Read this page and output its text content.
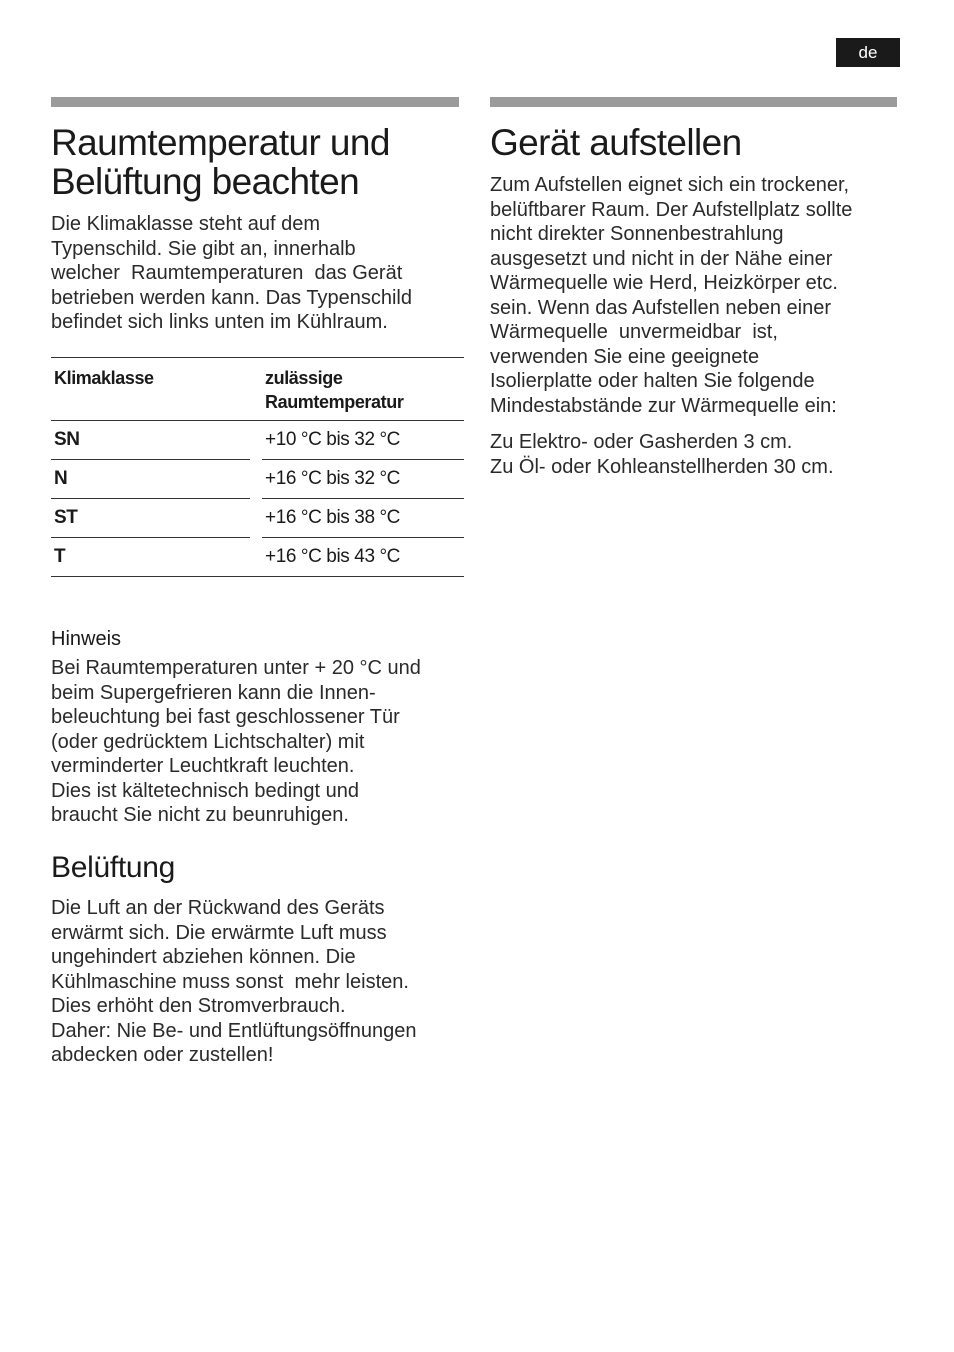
de
Raumtemperatur und
Belüftung beachten

Die Klimaklasse steht auf dem
Typenschild. Sie gibt an, innerhalb
welcher  Raumtemperaturen  das Gerät
betrieben werden kann. Das Typenschild
befindet sich links unten im Kühlraum.

Klimaklasse		zulässige
Raumtemperatur
SN		+10 °C bis 32 °C
N		+16 °C bis 32 °C
ST		+16 °C bis 38 °C
T		+16 °C bis 43 °C
Hinweis

Bei Raumtemperaturen unter + 20 °C und
beim Supergefrieren kann die Innen-
beleuchtung bei fast geschlossener Tür
(oder gedrücktem Lichtschalter) mit
verminderter Leuchtkraft leuchten.
Dies ist kältetechnisch bedingt und
braucht Sie nicht zu beunruhigen.

Belüftung

Die Luft an der Rückwand des Geräts
erwärmt sich. Die erwärmte Luft muss
ungehindert abziehen können. Die
Kühlmaschine muss sonst  mehr leisten.
Dies erhöht den Stromverbrauch.
Daher: Nie Be- und Entlüftungsöffnungen
abdecken oder zustellen!

Gerät aufstellen

Zum Aufstellen eignet sich ein trockener,
belüftbarer Raum. Der Aufstellplatz sollte
nicht direkter Sonnenbestrahlung
ausgesetzt und nicht in der Nähe einer
Wärmequelle wie Herd, Heizkörper etc.
sein. Wenn das Aufstellen neben einer
Wärmequelle  unvermeidbar  ist,
verwenden Sie eine geeignete
Isolierplatte oder halten Sie folgende
Mindestabstände zur Wärmequelle ein:

Zu Elektro- oder Gasherden 3 cm.
Zu Öl- oder Kohleanstellherden 30 cm.
